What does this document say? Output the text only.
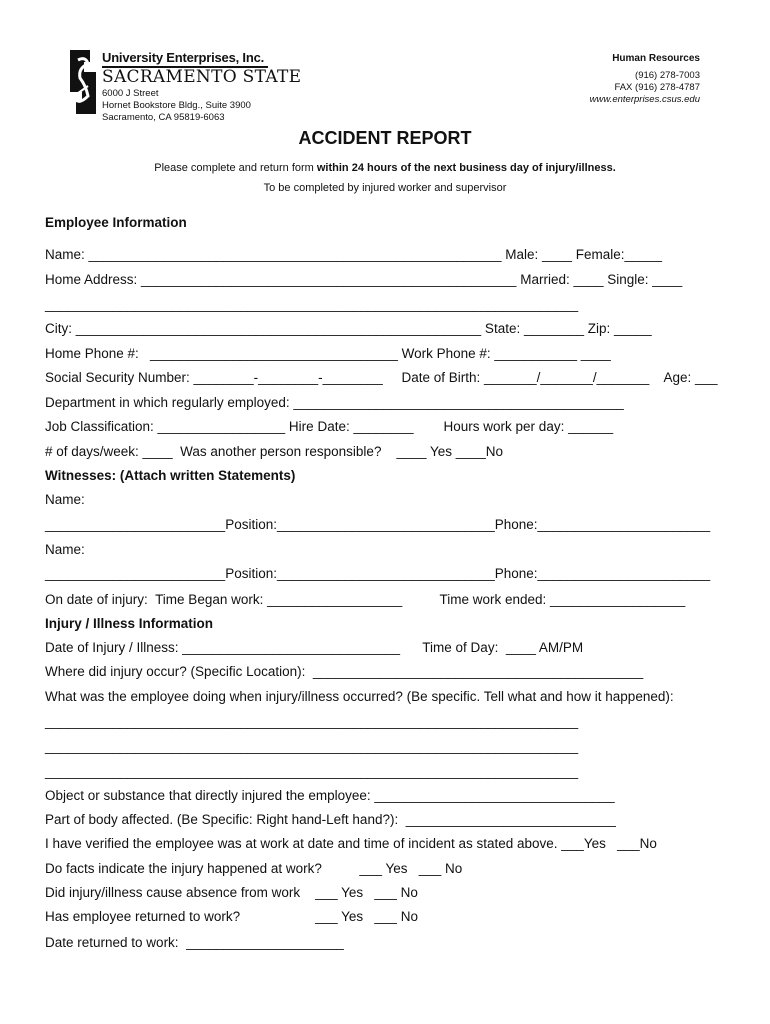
University Enterprises, Inc.
SACRAMENTO STATE
6000 J Street
Hornet Bookstore Bldg., Suite 3900
Sacramento, CA 95819-6063
Human Resources
(916) 278-7003
FAX (916) 278-4787
www.enterprises.csus.edu
ACCIDENT REPORT
Please complete and return form within 24 hours of the next business day of injury/illness.
To be completed by injured worker and supervisor
Employee Information
Name: _______________________________________________________ Male: ____ Female:_____
Home Address: __________________________________________________ Married: ____ Single: ____
_______________________________________________________________________
City: ______________________________________________________ State: ________ Zip: _____
Home Phone #:   _________________________________ Work Phone #: ___________ ____
Social Security Number: ________-________-________     Date of Birth: _______/_______/_______    Age: ___
Department in which regularly employed: ____________________________________________
Job Classification: _________________ Hire Date: ________        Hours work per day: ______
# of days/week: ____  Was another person responsible?    ____ Yes ____No
Witnesses: (Attach written Statements)
Name:
________________________Position:_____________________________Phone:_______________________
Name:
________________________Position:_____________________________Phone:_______________________
On date of injury:  Time Began work: __________________          Time work ended: __________________
Injury / Illness Information
Date of Injury / Illness: _____________________________      Time of Day:  ____ AM/PM
Where did injury occur? (Specific Location):  ____________________________________________
What was the employee doing when injury/illness occurred? (Be specific. Tell what and how it happened):
_______________________________________________________________________
_______________________________________________________________________
_______________________________________________________________________
Object or substance that directly injured the employee: ________________________________
Part of body affected. (Be Specific: Right hand-Left hand?):  ____________________________
I have verified the employee was at work at date and time of incident as stated above. ___Yes   ___No
Do facts indicate the injury happened at work?          ___ Yes   ___ No
Did injury/illness cause absence from work    ___ Yes   ___ No
Has employee returned to work?                    ___ Yes   ___ No
Date returned to work:  _____________________
